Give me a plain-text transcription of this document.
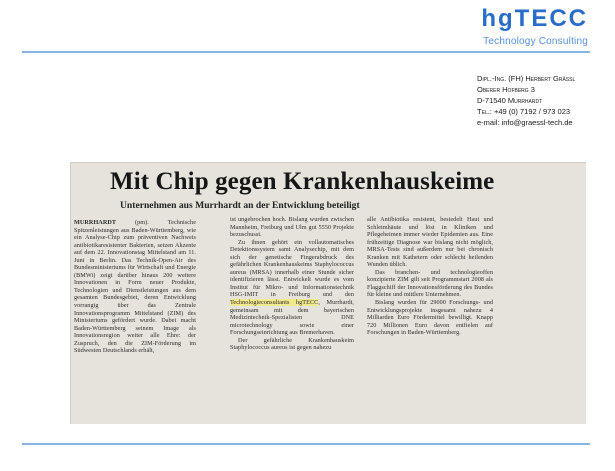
hgTECC
Technology Consulting
Dipl.-Ing. (FH) Herbert Gräßl
Oberer Hofberg 3
D-71540 Murrhardt
Tel.: +49 (0) 7192 / 973 023
e-mail: info@graessl-tech.de
Mit Chip gegen Krankenhauskeime
Unternehmen aus Murrhardt an der Entwicklung beteiligt

MURRHARDT (pm). Technische Spitzenleistungen aus Baden-Württemberg, wie ein Analyse-Chip zum präventiven Nachweis antibiotikaresistenter Bakterien, setzen Akzente auf dem 22. Innovationstag Mittelstand am 11. Juni in Berlin. Das Technik-Open-Air des Bundesministeriums für Wirtschaft und Energie (BMWi) zeigt darüber hinaus 200 weitere Innovationen in Form neuer Produkte, Technologien und Dienstleistungen aus dem gesamten Bundesgebiet, deren Entwicklung vorrangig über das Zentrale Innovationsprogramm Mittelstand (ZIM) des Ministeriums gefördert wurde. Dabei macht Baden-Württemberg seinem Image als Innovationsregion weiter alle Ehre: der Zuspruch, den die ZIM-Förderung im Südwesten Deutschlands erhält,

ist ungebrochen hoch. Bislang wurden zwischen Mannheim, Freiburg und Ulm gut 5550 Projekte bezuschusst.

Zu ihnen gehört ein vollautomatisches Detektionssystem samt Analysechip, mit dem sich der genetische Fingerabdruck des gefährlichen Krankenhauskeims Staphylococcus aureus (MRSA) innerhalb einer Stunde sicher identifizieren lässt. Entwickelt wurde es vom Institut für Mikro- und Informationstechnik HSG-IMIT in Freiburg und den Technologieconsultants hgTECC, Murrhardt, gemeinsam mit dem bayerischen Medizintechnik-Spezialisten DNE microtechnology sowie einer Forschungseinrichtung aus Bremerhaven.

Der gefährliche Krankenhauskeim Staphylococcus aureus ist gegen nahezu

alle Antibiotika resistent, besiedelt Haut und Schleimhäute und löst in Kliniken und Pflegeheimen immer wieder Epidemien aus. Eine frühzeitige Diagnose war bislang nicht möglich, MRSA-Tests sind außerdem nur bei chronisch Kranken mit Kathetern oder schlecht heilenden Wunden üblich.

Das branchen- und technologieoffen konzipierte ZIM gilt seit Programmstart 2008 als Flaggschiff der Innovationsförderung des Bundes für kleine und mittlere Unternehmen.

Bislang wurden für 29000 Forschungs- und Entwicklungsprojekte insgesamt nahezu 4 Milliarden Euro Fördermittel bewilligt. Knapp 720 Millionen Euro davon entfielen auf Forschungen in Baden-Württemberg.
